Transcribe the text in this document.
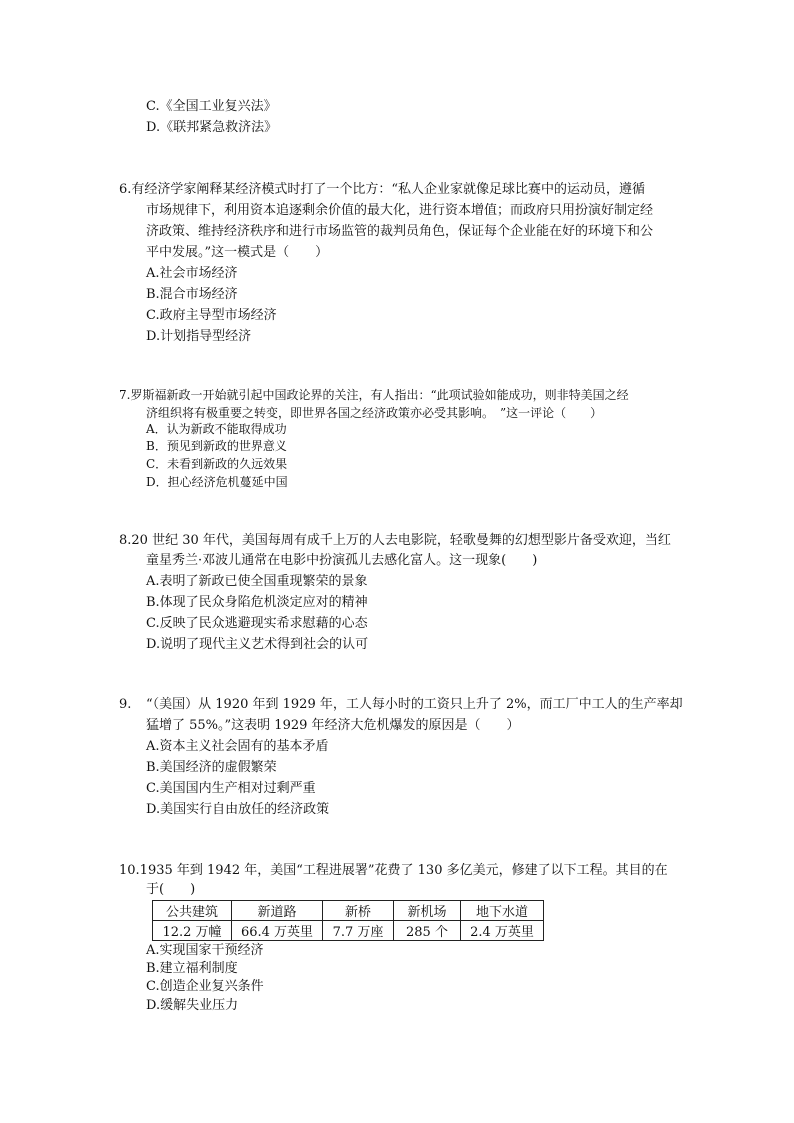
C.《全国工业复兴法》
D.《联邦紧急救济法》
6.有经济学家阐释某经济模式时打了一个比方：“私人企业家就像足球比赛中的运动员，遵循
市场规律下，利用资本追逐剩余价值的最大化，进行资本增值；而政府只用扮演好制定经
济政策、维持经济秩序和进行市场监管的裁判员角色，保证每个企业能在好的环境下和公
平中发展。”这一模式是（　　）
A.社会市场经济
B.混合市场经济
C.政府主导型市场经济
D.计划指导型经济
7.罗斯福新政一开始就引起中国政论界的关注，有人指出：“此项试验如能成功，则非特美国之经
济组织将有极重要之转变，即世界各国之经济政策亦必受其影响。　”这一评论（　　）
A．认为新政不能取得成功
B．预见到新政的世界意义
C．未看到新政的久远效果
D．担心经济危机蔓延中国
8.20 世纪 30 年代，美国每周有成千上万的人去电影院，轻歌曼舞的幻想型影片备受欢迎，当红
童星秀兰·邓波儿通常在电影中扮演孤儿去感化富人。这一现象(　　)
A.表明了新政已使全国重现繁荣的景象
B.体现了民众身陷危机淡定应对的精神
C.反映了民众逃避现实希求慰藉的心态
D.说明了现代主义艺术得到社会的认可
9. “（美国）从 1920 年到 1929 年，工人每小时的工资只上升了 2%，而工厂中工人的生产率却
猛增了 55%。”这表明 1929 年经济大危机爆发的原因是（　　）
A.资本主义社会固有的基本矛盾
B.美国经济的虚假繁荣
C.美国国内生产相对过剩严重
D.美国实行自由放任的经济政策
10.1935 年到 1942 年，美国“工程进展署”花费了 130 多亿美元，修建了以下工程。其目的在
于(　　)
公共建筑	新道路	新桥	新机场	地下水道
12.2 万幢	66.4 万英里	7.7 万座	285 个	2.4 万英里
A.实现国家干预经济
B.建立福利制度
C.创造企业复兴条件
D.缓解失业压力
